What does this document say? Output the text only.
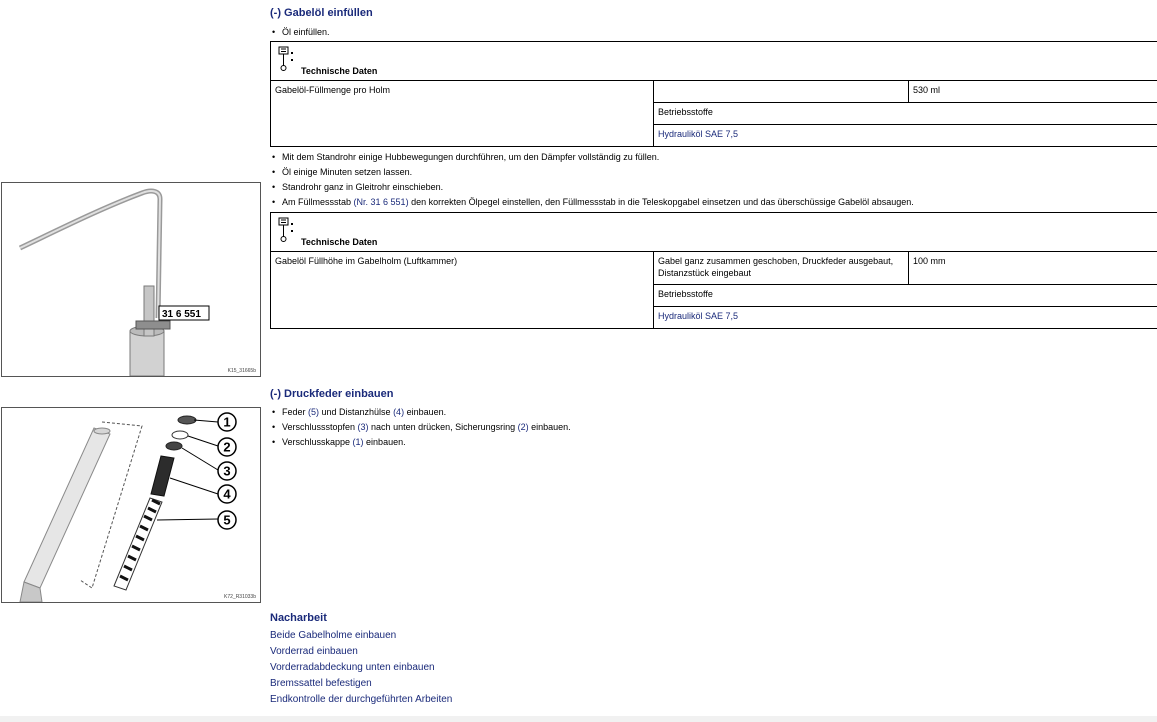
(-) Gabelöl einfüllen
• Öl einfüllen.
Technische Daten
Gabelöl-Füllmenge pro Holm		530 ml
Betriebsstoffe
Hydrauliköl SAE 7,5
• Mit dem Standrohr einige Hubbewegungen durchführen, um den Dämpfer vollständig zu füllen.
• Öl einige Minuten setzen lassen.
• Standrohr ganz in Gleitrohr einschieben.
• Am Füllmessstab (Nr. 31 6 551) den korrekten Ölpegel einstellen, den Füllmessstab in die Teleskopgabel einsetzen und das überschüssige Gabelöl absaugen.
Technische Daten
Gabelöl Füllhöhe im Gabelholm (Luftkammer)	Gabel ganz zusammen geschoben, Druckfeder ausgebaut, Distanzstück eingebaut	100 mm
Betriebsstoffe
Hydrauliköl SAE 7,5
31 6 551
K15_31665b
(-) Druckfeder einbauen
• Feder (5) und Distanzhülse (4) einbauen.
• Verschlussstopfen (3) nach unten drücken, Sicherungsring (2) einbauen.
• Verschlusskappe (1) einbauen.
1
2
3
4
5
K72_R31033b
Nacharbeit
Beide Gabelholme einbauen
Vorderrad einbauen
Vorderradabdeckung unten einbauen
Bremssattel befestigen
Endkontrolle der durchgeführten Arbeiten
